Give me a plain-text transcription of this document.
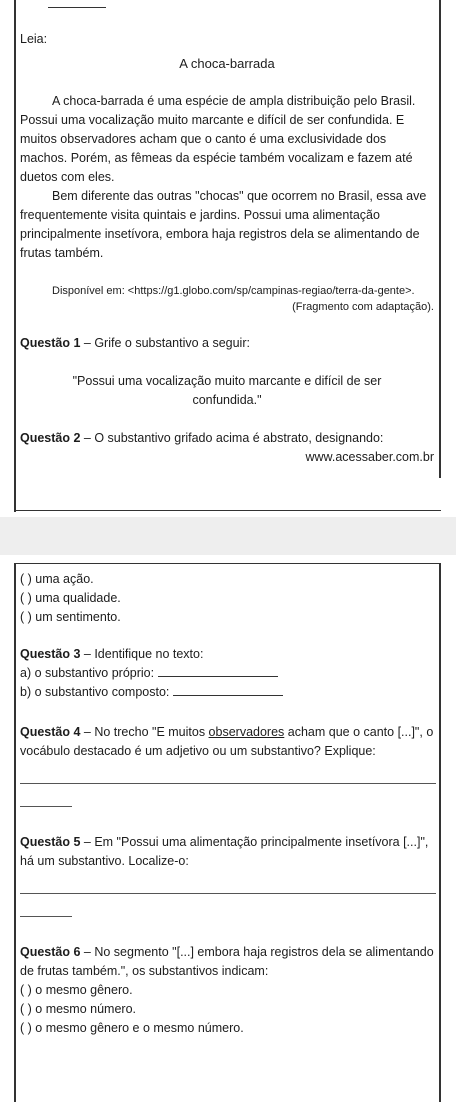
Leia:

A choca-barrada

A choca-barrada é uma espécie de ampla distribuição pelo Brasil. Possui uma vocalização muito marcante e difícil de ser confundida. E muitos observadores acham que o canto é uma exclusividade dos machos. Porém, as fêmeas da espécie também vocalizam e fazem até duetos com eles.

Bem diferente das outras "chocas" que ocorrem no Brasil, essa ave frequentemente visita quintais e jardins. Possui uma alimentação principalmente insetívora, embora haja registros dela se alimentando de frutas também.

Disponível em: <https://g1.globo.com/sp/campinas-regiao/terra-da-gente>.

(Fragmento com adaptação).

Questão 1 – Grife o substantivo a seguir:

"Possui uma vocalização muito marcante e difícil de ser confundida."

Questão 2 – O substantivo grifado acima é abstrato, designando:

www.acessaber.com.br

( ) uma ação.

( ) uma qualidade.

( ) um sentimento.

Questão 3 – Identifique no texto:

a) o substantivo próprio:

b) o substantivo composto:

Questão 4 – No trecho "E muitos observadores acham que o canto [...]", o vocábulo destacado é um adjetivo ou um substantivo? Explique:

Questão 5 – Em "Possui uma alimentação principalmente insetívora [...]", há um substantivo. Localize-o:

Questão 6 – No segmento "[...] embora haja registros dela se alimentando de frutas também.", os substantivos indicam:

( ) o mesmo gênero.

( ) o mesmo número.

( ) o mesmo gênero e o mesmo número.
